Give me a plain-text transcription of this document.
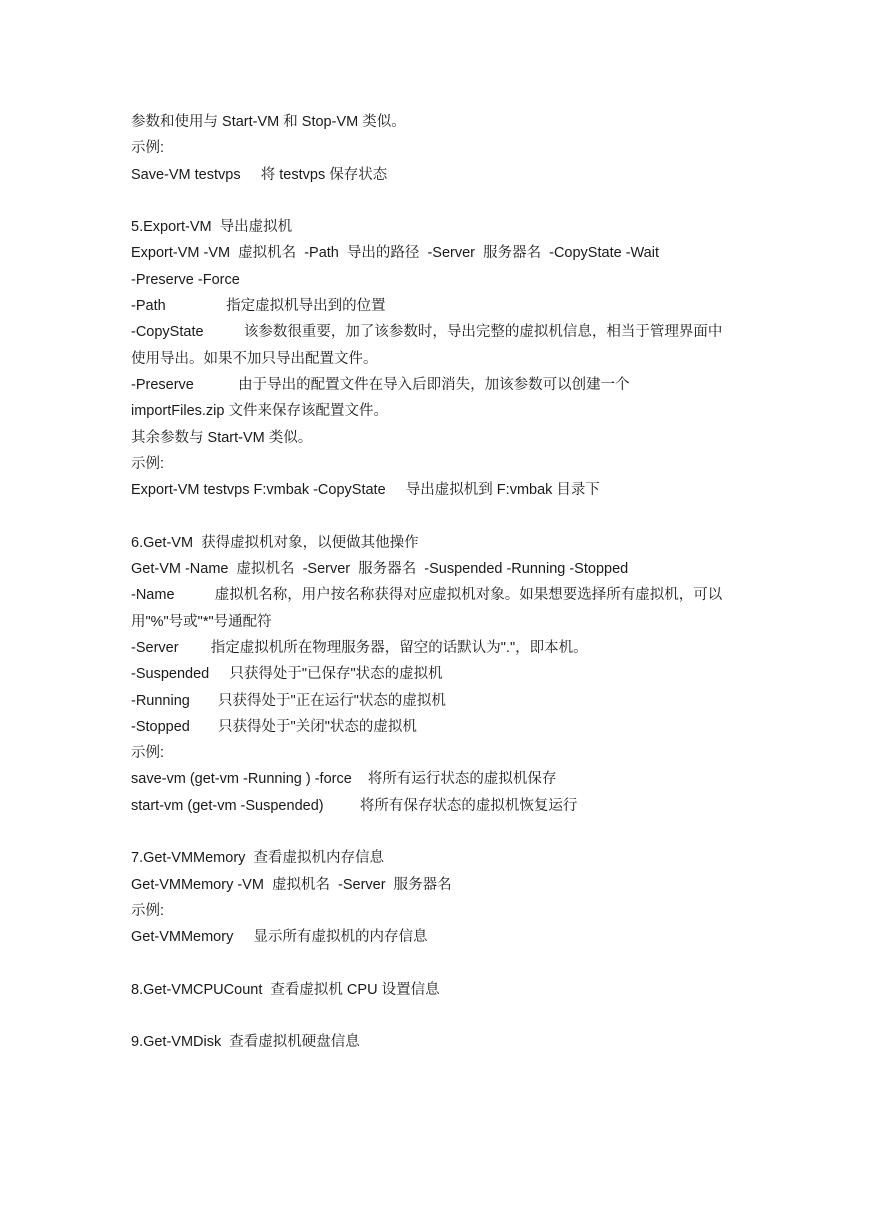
参数和使用与 Start-VM 和 Stop-VM 类似。
示例:
Save-VM testvps     将 testvps 保存状态
5.Export-VM  导出虚拟机
Export-VM -VM  虚拟机名  -Path  导出的路径  -Server  服务器名  -CopyState -Wait
-Preserve -Force
-Path               指定虚拟机导出到的位置
-CopyState          该参数很重要，加了该参数时，导出完整的虚拟机信息，相当于管理界面中
使用导出。如果不加只导出配置文件。
-Preserve           由于导出的配置文件在导入后即消失，加该参数可以创建一个
importFiles.zip 文件来保存该配置文件。
其余参数与 Start-VM 类似。
示例:
Export-VM testvps F:vmbak -CopyState     导出虚拟机到 F:vmbak 目录下
6.Get-VM  获得虚拟机对象，以便做其他操作
Get-VM -Name  虚拟机名  -Server  服务器名  -Suspended -Running -Stopped
-Name          虚拟机名称，用户按名称获得对应虚拟机对象。如果想要选择所有虚拟机，可以
用"%"号或"*"号通配符
-Server        指定虚拟机所在物理服务器，留空的话默认为"."，即本机。
-Suspended     只获得处于"已保存"状态的虚拟机
-Running       只获得处于"正在运行"状态的虚拟机
-Stopped       只获得处于"关闭"状态的虚拟机
示例:
save-vm (get-vm -Running ) -force    将所有运行状态的虚拟机保存
start-vm (get-vm -Suspended)         将所有保存状态的虚拟机恢复运行
7.Get-VMMemory  查看虚拟机内存信息
Get-VMMemory -VM  虚拟机名  -Server  服务器名
示例:
Get-VMMemory     显示所有虚拟机的内存信息
8.Get-VMCPUCount  查看虚拟机 CPU 设置信息
9.Get-VMDisk  查看虚拟机硬盘信息
